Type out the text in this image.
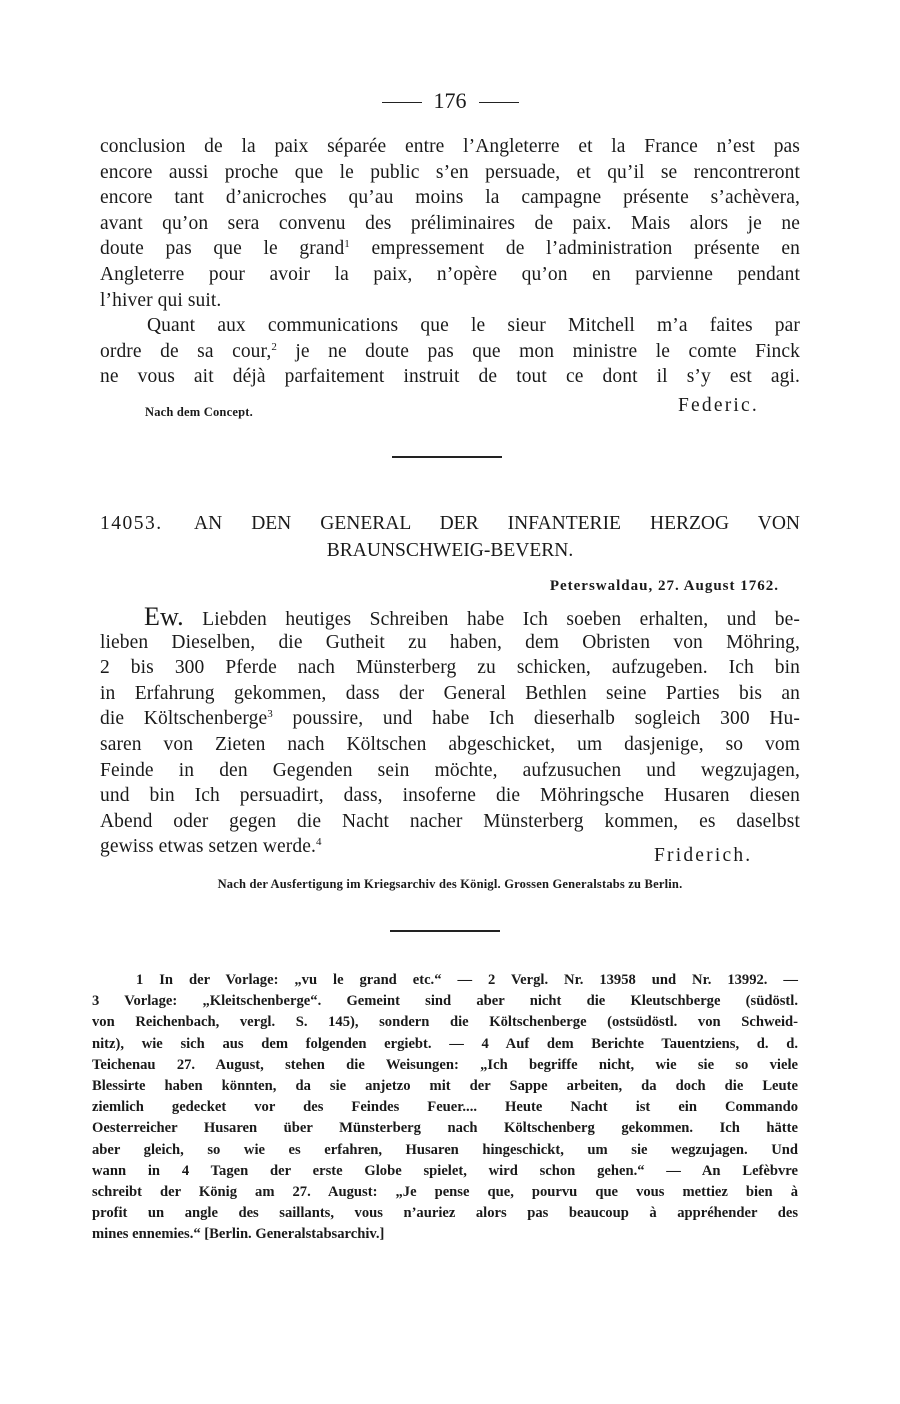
176
conclusion de la paix séparée entre l’Angleterre et la France n’est pas
encore aussi proche que le public s’en persuade, et qu’il se rencontreront
encore tant d’anicroches qu’au moins la campagne présente s’achèvera,
avant qu’on sera convenu des préliminaires de paix. Mais alors je ne
doute pas que le grand$^1$ empressement de l’administration présente en
Angleterre pour avoir la paix, n’opère qu’on en parvienne pendant
l’hiver qui suit.
Quant aux communications que le sieur Mitchell m’a faites par
ordre de sa cour,$^2$ je ne doute pas que mon ministre le comte Finck
ne vous ait déjà parfaitement instruit de tout ce dont il s’y est agi.
Nach dem Concept.	Federic.
14053. AN DEN GENERAL DER INFANTERIE HERZOG VON
BRAUNSCHWEIG-BEVERN.
Peterswaldau, 27. August 1762.
Ew. Liebden heutiges Schreiben habe Ich soeben erhalten, und be-
lieben Dieselben, die Gutheit zu haben, dem Obristen von Möhring,
2 bis 300 Pferde nach Münsterberg zu schicken, aufzugeben. Ich bin
in Erfahrung gekommen, dass der General Bethlen seine Parties bis an
die Költschenberge$^3$ poussire, und habe Ich dieserhalb sogleich 300 Hu-
saren von Zieten nach Költschen abgeschicket, um dasjenige, so vom
Feinde in den Gegenden sein möchte, aufzusuchen und wegzujagen,
und bin Ich persuadirt, dass, insoferne die Möhringsche Husaren diesen
Abend oder gegen die Nacht nacher Münsterberg kommen, es daselbst
gewiss etwas setzen werde.$^4$
Friderich.
Nach der Ausfertigung im Kriegsarchiv des Königl. Grossen Generalstabs zu Berlin.
1 In der Vorlage: „vu le grand etc.“ — 2 Vergl. Nr. 13958 und Nr. 13992. —
3 Vorlage: „Kleitschenberge“. Gemeint sind aber nicht die Kleutschberge (südöstl.
von Reichenbach, vergl. S. 145), sondern die Költschenberge (ostsüdöstl. von Schweid-
nitz), wie sich aus dem folgenden ergiebt. — 4 Auf dem Berichte Tauentziens, d. d.
Teichenau 27. August, stehen die Weisungen: „Ich begriffe nicht, wie sie so viele
Blessirte haben könnten, da sie anjetzo mit der Sappe arbeiten, da doch die Leute
ziemlich gedecket vor des Feindes Feuer.... Heute Nacht ist ein Commando
Oesterreicher Husaren über Münsterberg nach Költschenberg gekommen. Ich hätte
aber gleich, so wie es erfahren, Husaren hingeschickt, um sie wegzujagen. Und
wann in 4 Tagen der erste Globe spielet, wird schon gehen.“ — An Lefèbvre
schreibt der König am 27. August: „Je pense que, pourvu que vous mettiez bien à
profit un angle des saillants, vous n’auriez alors pas beaucoup à appréhender des
mines ennemies.“ [Berlin. Generalstabsarchiv.]
